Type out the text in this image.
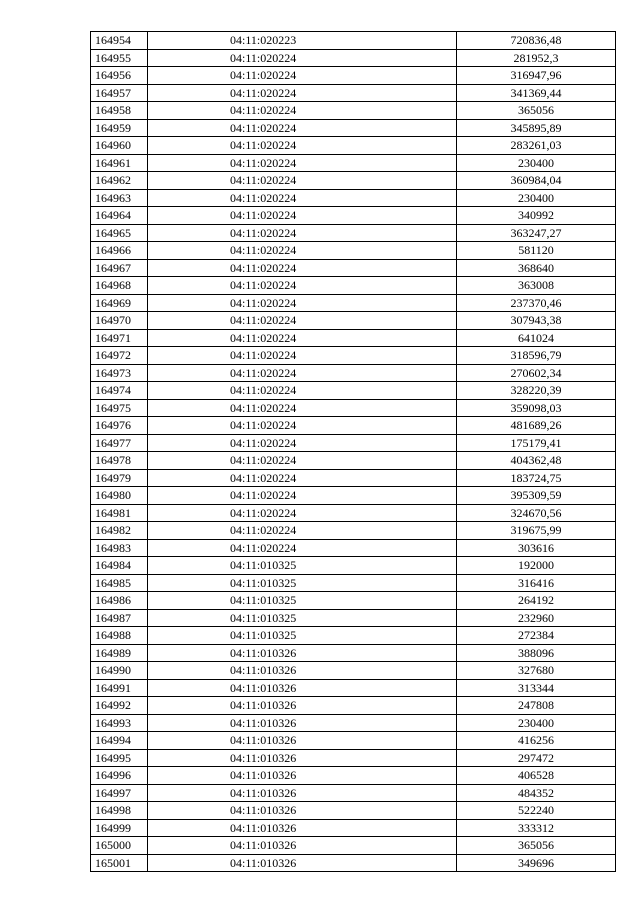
164954	04:11:020223	720836,48
164955	04:11:020224	281952,3
164956	04:11:020224	316947,96
164957	04:11:020224	341369,44
164958	04:11:020224	365056
164959	04:11:020224	345895,89
164960	04:11:020224	283261,03
164961	04:11:020224	230400
164962	04:11:020224	360984,04
164963	04:11:020224	230400
164964	04:11:020224	340992
164965	04:11:020224	363247,27
164966	04:11:020224	581120
164967	04:11:020224	368640
164968	04:11:020224	363008
164969	04:11:020224	237370,46
164970	04:11:020224	307943,38
164971	04:11:020224	641024
164972	04:11:020224	318596,79
164973	04:11:020224	270602,34
164974	04:11:020224	328220,39
164975	04:11:020224	359098,03
164976	04:11:020224	481689,26
164977	04:11:020224	175179,41
164978	04:11:020224	404362,48
164979	04:11:020224	183724,75
164980	04:11:020224	395309,59
164981	04:11:020224	324670,56
164982	04:11:020224	319675,99
164983	04:11:020224	303616
164984	04:11:010325	192000
164985	04:11:010325	316416
164986	04:11:010325	264192
164987	04:11:010325	232960
164988	04:11:010325	272384
164989	04:11:010326	388096
164990	04:11:010326	327680
164991	04:11:010326	313344
164992	04:11:010326	247808
164993	04:11:010326	230400
164994	04:11:010326	416256
164995	04:11:010326	297472
164996	04:11:010326	406528
164997	04:11:010326	484352
164998	04:11:010326	522240
164999	04:11:010326	333312
165000	04:11:010326	365056
165001	04:11:010326	349696
